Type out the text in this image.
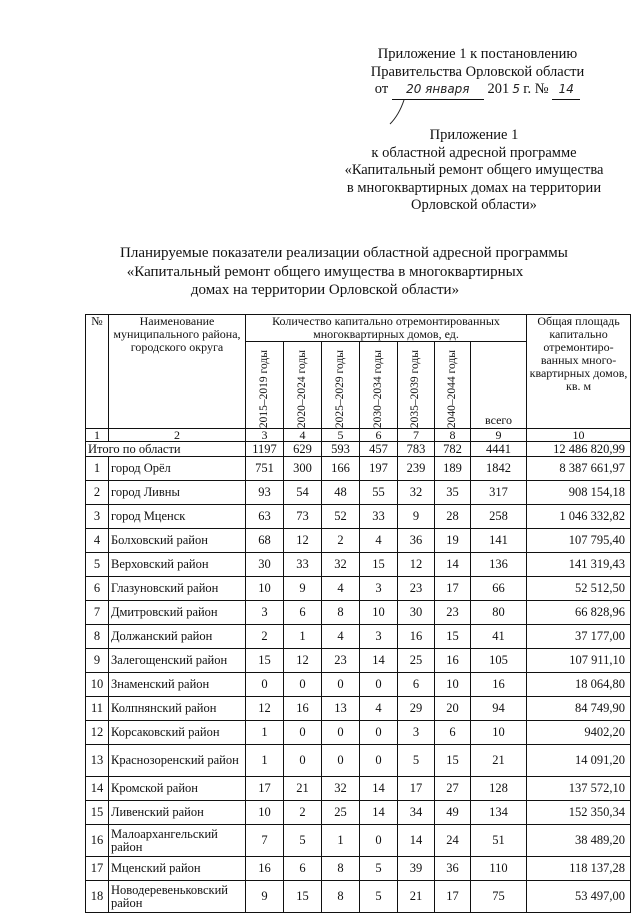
Приложение 1 к постановлению
Правительства Орловской области
от 20 января 201 5 г. № 14
Приложение 1
к областной адресной программе
«Капитальный ремонт общего имущества
в многоквартирных домах на территории
Орловской области»
Планируемые показатели реализации областной адресной программы
«Капитальный ремонт общего имущества в многоквартирных
домах на территории Орловской области»
№	Наименование муниципального района, городского округа	Количество капитально отремонтированных многоквартирных домов, ед.							Общая площадь капитально отремонтиро-ванных много-квартирных домов, кв. м

		2015–2019 годы	2020–2024 годы	2025–2029 годы	2030–2034 годы	2035–2039 годы	2040–2044 годы	всего	
1	2	3	4	5	6	7	8	9	10
Итого по области		1197	629	593	457	783	782	4441	12 486 820,99
1	город Орёл	751	300	166	197	239	189	1842	8 387 661,97
2	город Ливны	93	54	48	55	32	35	317	908 154,18
3	город Мценск	63	73	52	33	9	28	258	1 046 332,82
4	Болховский район	68	12	2	4	36	19	141	107 795,40
5	Верховский район	30	33	32	15	12	14	136	141 319,43
6	Глазуновский район	10	9	4	3	23	17	66	52 512,50
7	Дмитровский район	3	6	8	10	30	23	80	66 828,96
8	Должанский район	2	1	4	3	16	15	41	37 177,00
9	Залегощенский район	15	12	23	14	25	16	105	107 911,10
10	Знаменский район	0	0	0	0	6	10	16	18 064,80
11	Колпнянский район	12	16	13	4	29	20	94	84 749,90
12	Корсаковский район	1	0	0	0	3	6	10	9402,20
13	Краснозоренский район	1	0	0	0	5	15	21	14 091,20
14	Кромской район	17	21	32	14	17	27	128	137 572,10
15	Ливенский район	10	2	25	14	34	49	134	152 350,34
16	Малоархангельский район	7	5	1	0	14	24	51	38 489,20
17	Мценский район	16	6	8	5	39	36	110	118 137,28
18	Новодеревеньковский район	9	15	8	5	21	17	75	53 497,00
